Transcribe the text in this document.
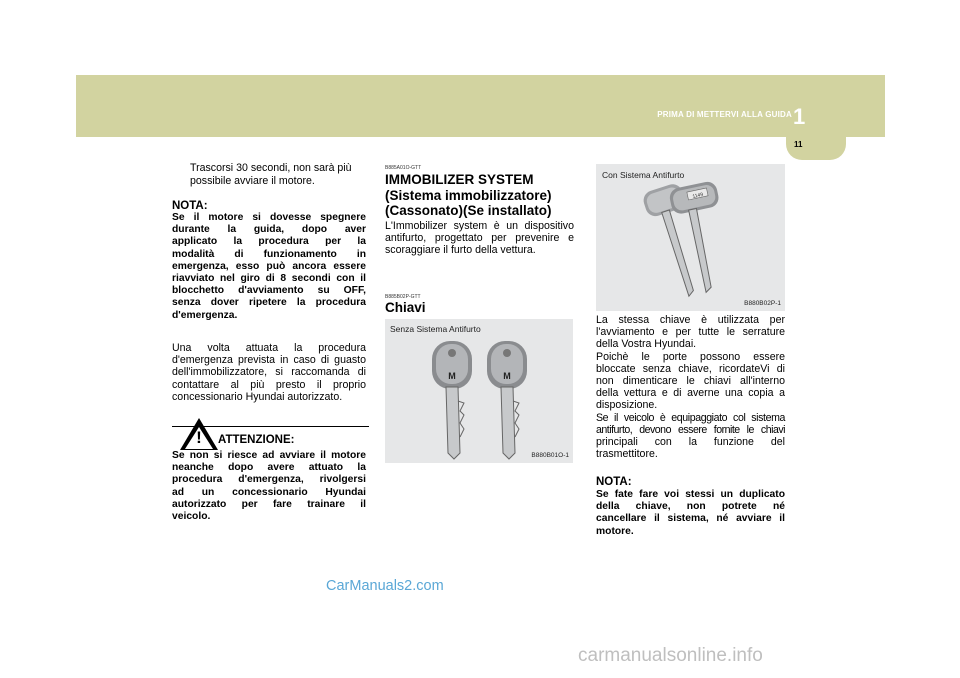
PRIMA DI METTERVI ALLA GUIDA 1
11
Trascorsi 30 secondi, non sarà più
possibile avviare il motore.
NOTA:
Se il motore si dovesse spegnere
durante la guida, dopo aver
applicato la procedura per la
modalità di funzionamento in
emergenza, esso può ancora essere
riavviato nel giro di 8 secondi con il
blocchetto d'avviamento su OFF,
senza dover ripetere la procedura
d'emergenza.
Una volta attuata la procedura
d'emergenza prevista in caso di guasto
dell'immobilizzatore, si raccomanda di
contattare al più presto il proprio
concessionario Hyundai autorizzato.
! ATTENZIONE:
Se non si riesce ad avviare il motore
neanche dopo avere attuato la
procedura d'emergenza, rivolgersi
ad un concessionario Hyundai
autorizzato per fare trainare il
veicolo.
B885A01O-GTT
IMMOBILIZER SYSTEM
(Sistema immobilizzatore)
(Cassonato)(Se installato)
L'Immobilizer system è un dispositivo
antifurto, progettato per prevenire e
scoraggiare il furto della vettura.
B885B02P-GTT
Chiavi
M	M
Senza Sistema Antifurto
B880B01O-1
1149
Con Sistema Antifurto
B880B02P-1
La stessa chiave è utilizzata per
l'avviamento e per tutte le serrature
della Vostra Hyundai.
Poichè le porte possono essere
bloccate senza chiave, ricordateVi di
non dimenticare le chiavi all'interno
della vettura e di averne una copia a
disposizione.
Se il veicolo è equipaggiato col sistema
antifurto, devono essere fornite le chiavi
principali con la funzione del
trasmettitore.
NOTA:
Se fate fare voi stessi un duplicato
della chiave, non potrete né
cancellare il sistema, né avviare il
motore.
CarManuals2.com
carmanualsonline.info
